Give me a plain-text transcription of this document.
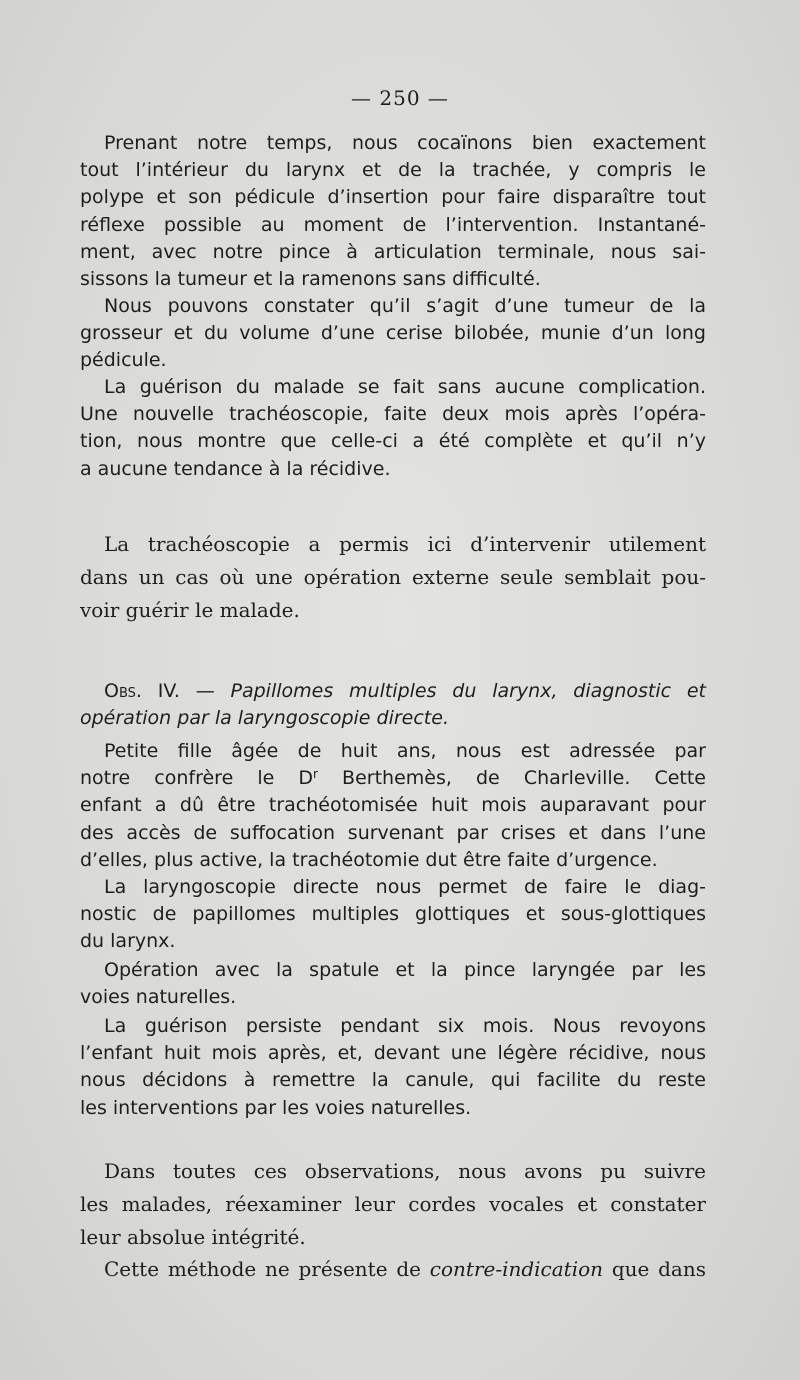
— 250 —
Prenant notre temps, nous cocaïnons bien exactement
tout l’intérieur du larynx et de la trachée, y compris le
polype et son pédicule d’insertion pour faire disparaître tout
réflexe possible au moment de l’intervention. Instantané-
ment, avec notre pince à articulation terminale, nous sai-
sissons la tumeur et la ramenons sans difficulté.
Nous pouvons constater qu’il s’agit d’une tumeur de la
grosseur et du volume d’une cerise bilobée, munie d’un long
pédicule.
La guérison du malade se fait sans aucune complication.
Une nouvelle trachéoscopie, faite deux mois après l’opéra-
tion, nous montre que celle-ci a été complète et qu’il n’y
a aucune tendance à la récidive.
La trachéoscopie a permis ici d’intervenir utilement
dans un cas où une opération externe seule semblait pou-
voir guérir le malade.
Obs. IV. — Papillomes multiples du larynx, diagnostic et
opération par la laryngoscopie directe.
Petite fille âgée de huit ans, nous est adressée par
notre confrère le $D^r$ Berthemès, de Charleville. Cette
enfant a dû être trachéotomisée huit mois auparavant pour
des accès de suffocation survenant par crises et dans l’une
d’elles, plus active, la trachéotomie dut être faite d’urgence.
La laryngoscopie directe nous permet de faire le diag-
nostic de papillomes multiples glottiques et sous-glottiques
du larynx.
Opération avec la spatule et la pince laryngée par les
voies naturelles.
La guérison persiste pendant six mois. Nous revoyons
l’enfant huit mois après, et, devant une légère récidive, nous
nous décidons à remettre la canule, qui facilite du reste
les interventions par les voies naturelles.
Dans toutes ces observations, nous avons pu suivre
les malades, réexaminer leur cordes vocales et constater
leur absolue intégrité.
Cette méthode ne présente de contre-indication que dans
